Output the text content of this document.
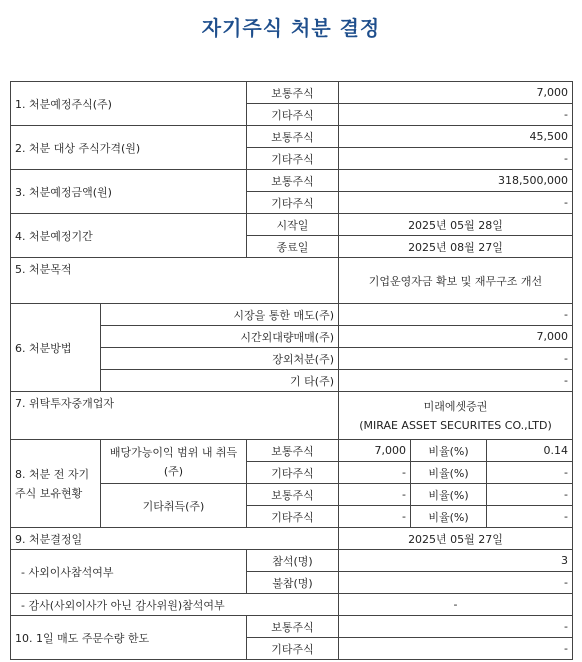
자기주식 처분 결정
1. 처분예정주식(주)		보통주식	7,000		
		기타주식	-		
2. 처분 대상 주식가격(원)		보통주식	45,500		
		기타주식	-		
3. 처분예정금액(원)		보통주식	318,500,000		
		기타주식	-		
4. 처분예정기간		시작일	2025년 05월 28일		
		종료일	2025년 08월 27일		
5. 처분목적			기업운영자금 확보 및 재무구조 개선		
6. 처분방법	시장을 통한 매도(주)		-		
	시간외대량매매(주)		7,000		
	장외처분(주)		-		
	기 타(주)		-		
7. 위탁투자중개업자			미래에셋증권
(MIRAE ASSET SECURITES CO.,LTD)		

8. 처분 전 자기주식 보유현황	배당가능이익 범위 내 취득(주)	보통주식	7,000	비율(%)	0.14
		기타주식	-	비율(%)	-
	기타취득(주)	보통주식	-	비율(%)	-
		기타주식	-	비율(%)	-
9. 처분결정일			2025년 05월 27일		
- 사외이사참석여부		참석(명)	3		
		불참(명)	-		
- 감사(사외이사가 아닌 감사위원)참석여부			-		
10. 1일 매도 주문수량 한도		보통주식	-		
		기타주식	-		
